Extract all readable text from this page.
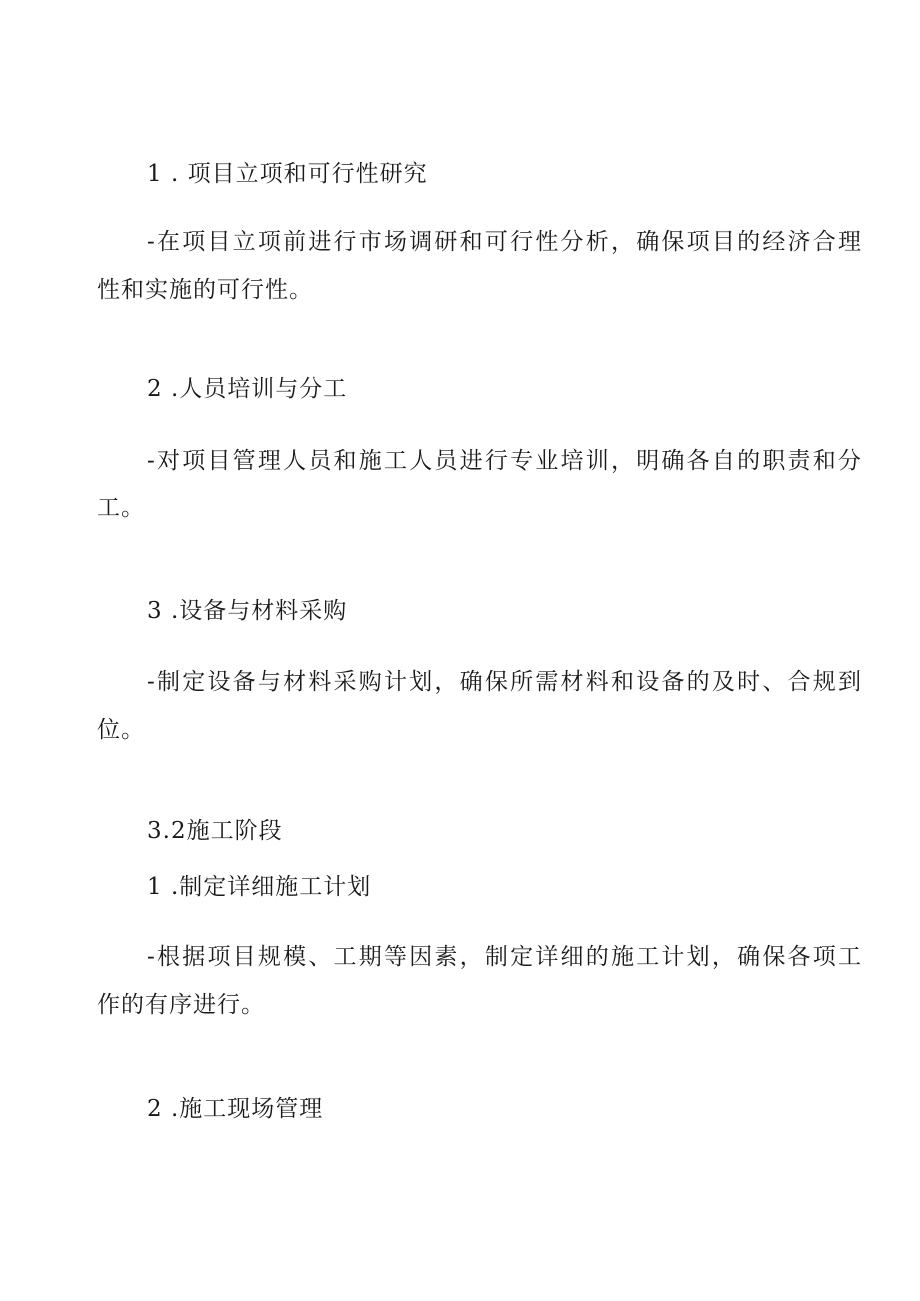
1 . 项目立项和可行性研究
-在项目立项前进行市场调研和可行性分析，确保项目的经济合理
性和实施的可行性。
2 .人员培训与分工
-对项目管理人员和施工人员进行专业培训，明确各自的职责和分
工。
3 .设备与材料采购
-制定设备与材料采购计划，确保所需材料和设备的及时、合规到
位。
3.2施工阶段
1 .制定详细施工计划
-根据项目规模、工期等因素，制定详细的施工计划，确保各项工
作的有序进行。
2 .施工现场管理
